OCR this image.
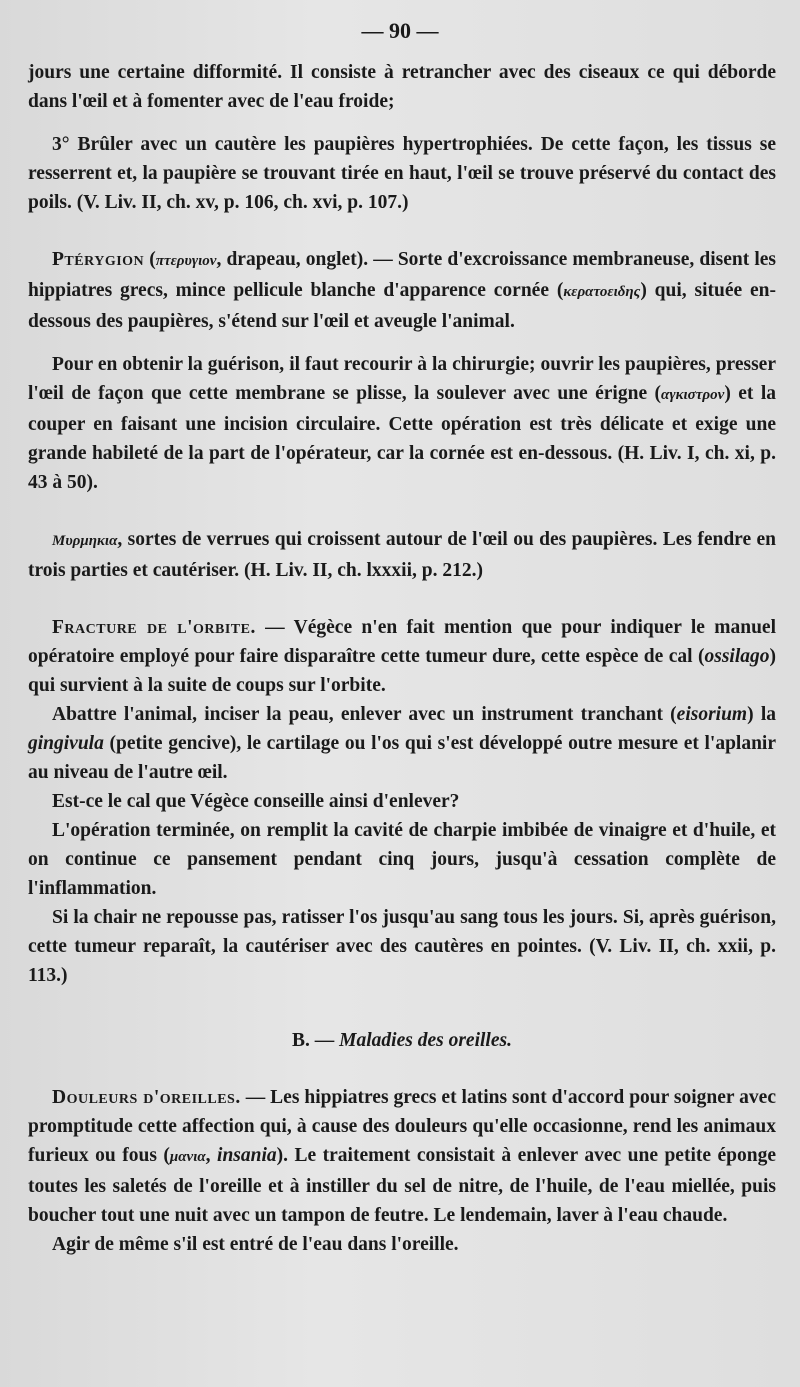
— 90 —

jours une certaine difformité. Il consiste à retrancher avec des ciseaux ce qui déborde dans l'œil et à fomenter avec de l'eau froide;

3° Brûler avec un cautère les paupières hypertrophiées. De cette façon, les tissus se resserrent et, la paupière se trouvant tirée en haut, l'œil se trouve préservé du contact des poils. (V. Liv. II, ch. xv, p. 106, ch. xvi, p. 107.)

Ptérygion (πτερυγιον, drapeau, onglet). — Sorte d'excroissance membraneuse, disent les hippiatres grecs, mince pellicule blanche d'apparence cornée (κερατοειδης) qui, située en-dessous des paupières, s'étend sur l'œil et aveugle l'animal.

Pour en obtenir la guérison, il faut recourir à la chirurgie; ouvrir les paupières, presser l'œil de façon que cette membrane se plisse, la soulever avec une érigne (αγκιστρον) et la couper en faisant une incision circulaire. Cette opération est très délicate et exige une grande habileté de la part de l'opérateur, car la cornée est en-dessous. (H. Liv. I, ch. xi, p. 43 à 50).

Μυρμηκια, sortes de verrues qui croissent autour de l'œil ou des paupières. Les fendre en trois parties et cautériser. (H. Liv. II, ch. lxxxii, p. 212.)

Fracture de l'orbite. — Végèce n'en fait mention que pour indiquer le manuel opératoire employé pour faire disparaître cette tumeur dure, cette espèce de cal (ossilago) qui survient à la suite de coups sur l'orbite.

Abattre l'animal, inciser la peau, enlever avec un instrument tranchant (eisorium) la gingivula (petite gencive), le cartilage ou l'os qui s'est développé outre mesure et l'aplanir au niveau de l'autre œil.

Est-ce le cal que Végèce conseille ainsi d'enlever?

L'opération terminée, on remplit la cavité de charpie imbibée de vinaigre et d'huile, et on continue ce pansement pendant cinq jours, jusqu'à cessation complète de l'inflammation.

Si la chair ne repousse pas, ratisser l'os jusqu'au sang tous les jours. Si, après guérison, cette tumeur reparaît, la cautériser avec des cautères en pointes. (V. Liv. II, ch. xxii, p. 113.)

B. — Maladies des oreilles.

Douleurs d'oreilles. — Les hippiatres grecs et latins sont d'accord pour soigner avec promptitude cette affection qui, à cause des douleurs qu'elle occasionne, rend les animaux furieux ou fous (μανια, insania). Le traitement consistait à enlever avec une petite éponge toutes les saletés de l'oreille et à instiller du sel de nitre, de l'huile, de l'eau miellée, puis boucher tout une nuit avec un tampon de feutre. Le lendemain, laver à l'eau chaude.

Agir de même s'il est entré de l'eau dans l'oreille.
